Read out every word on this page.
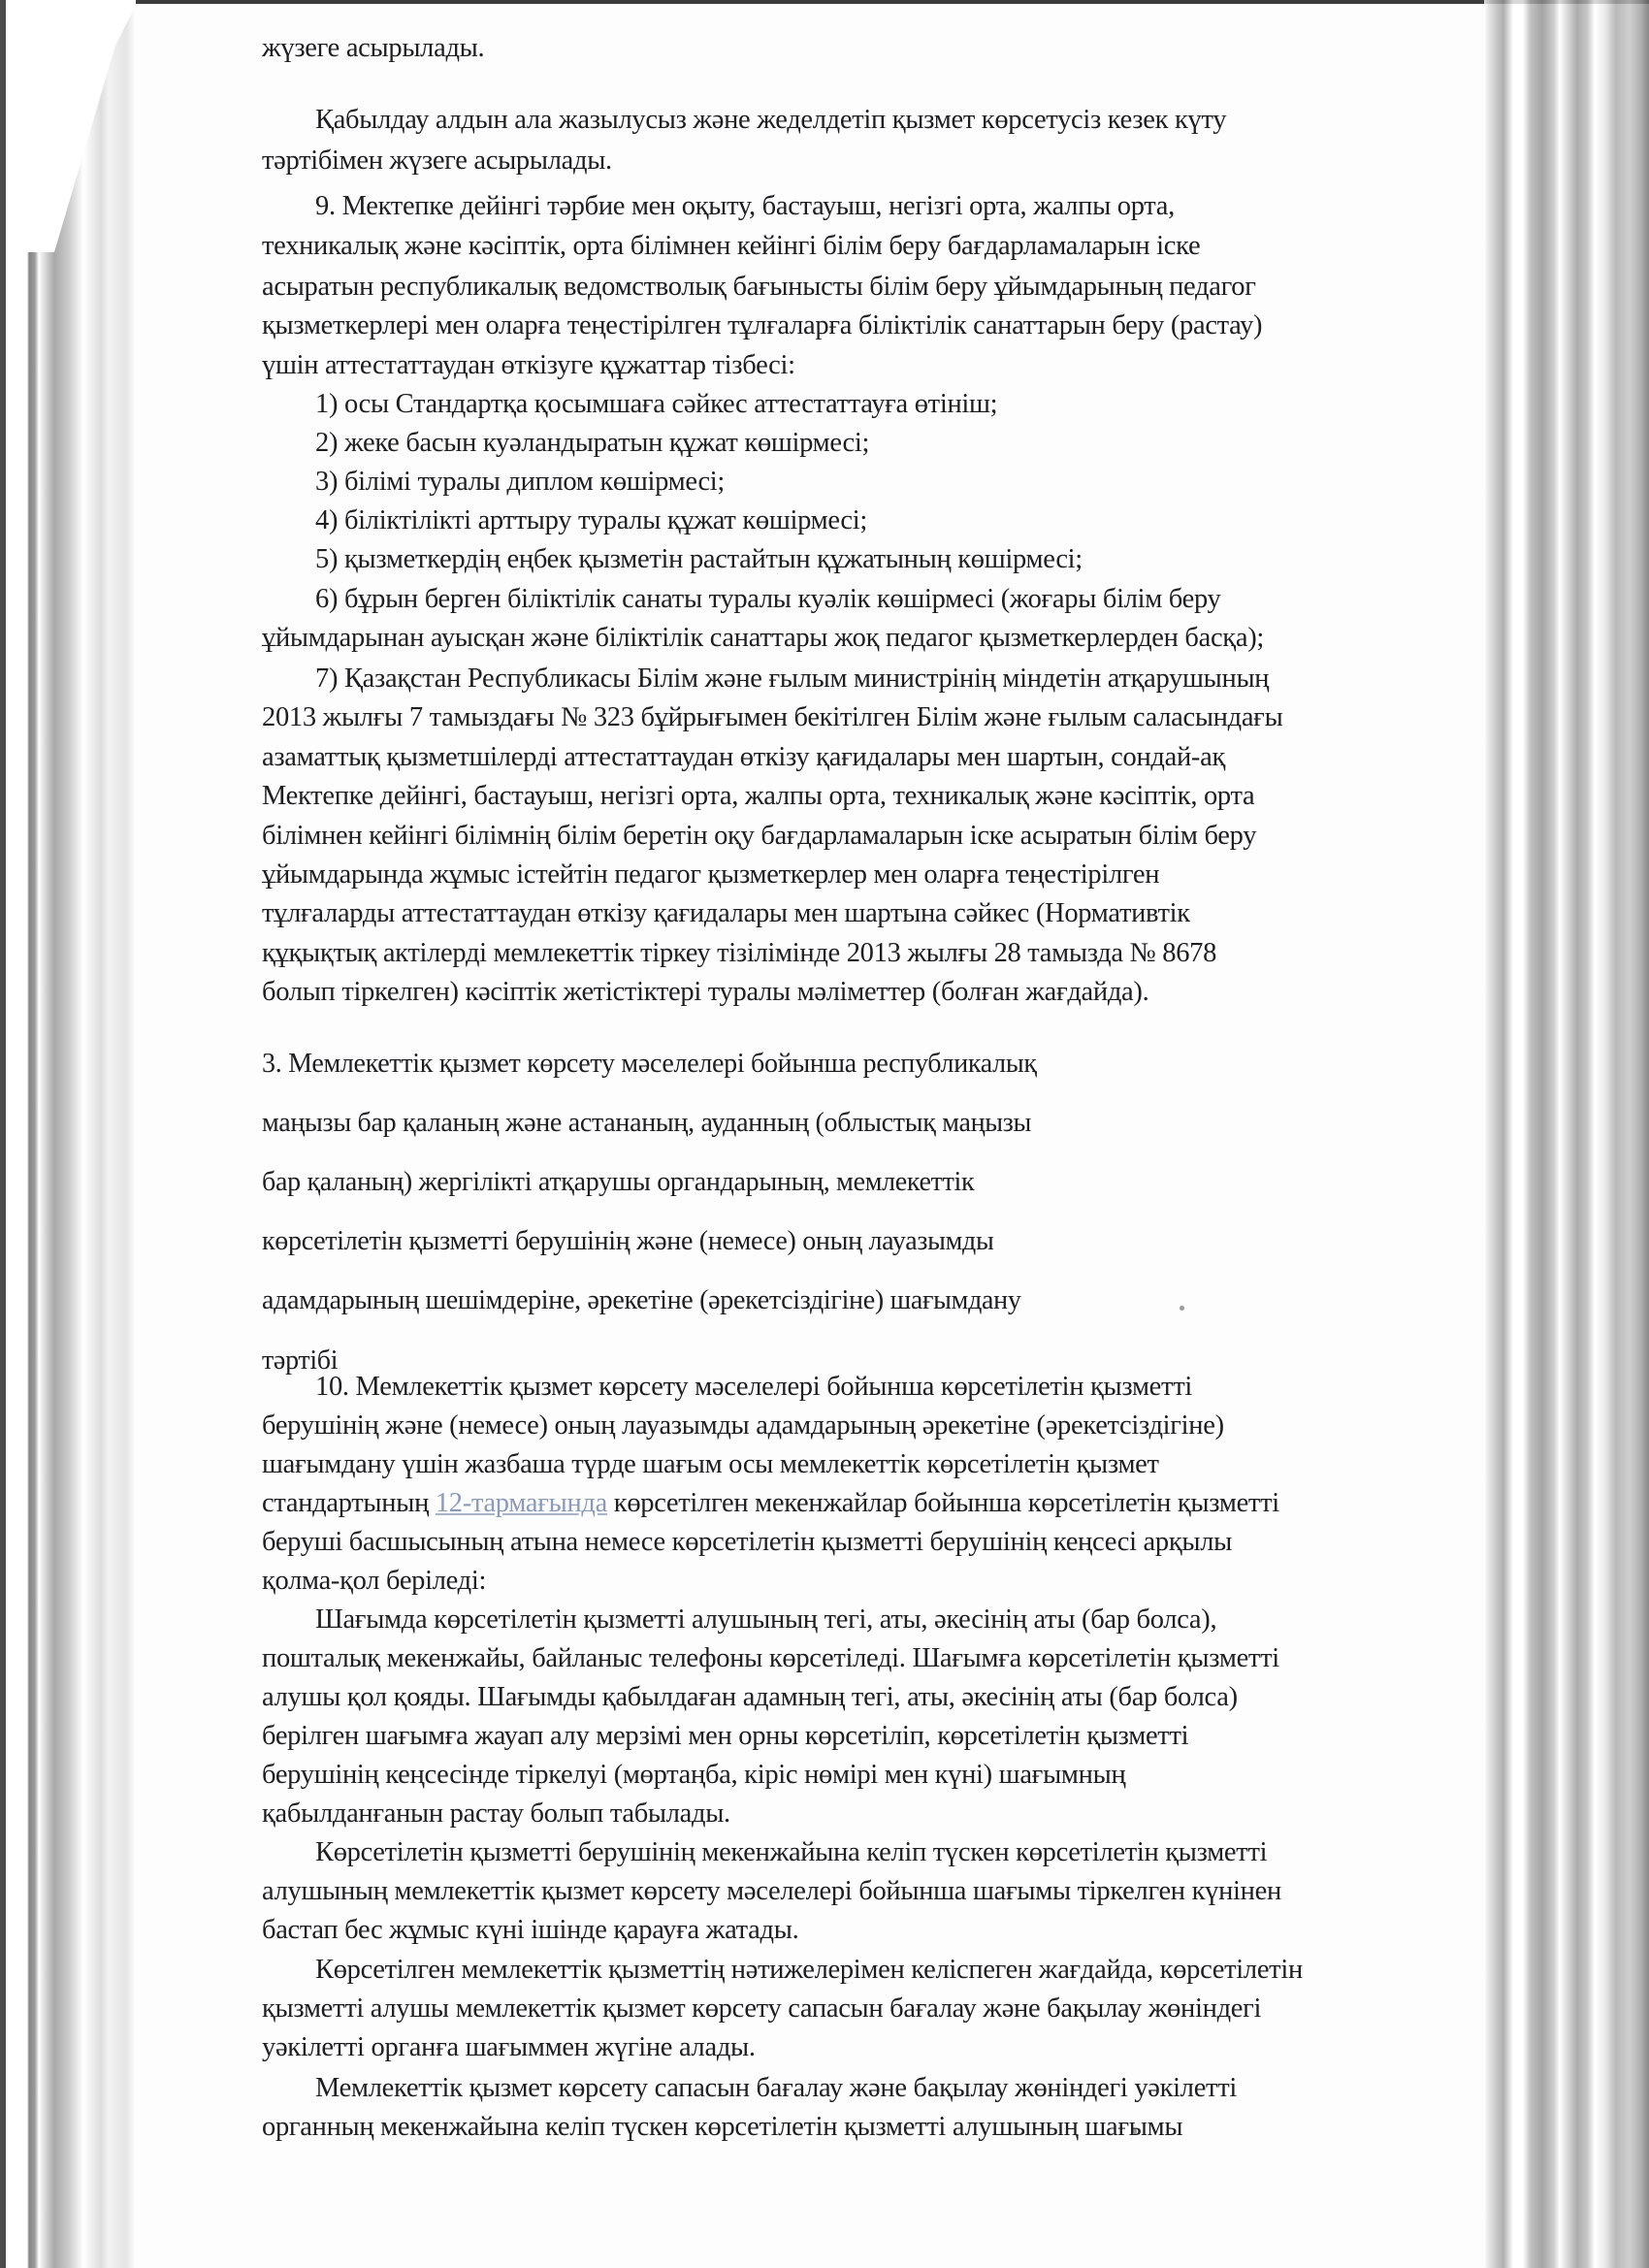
жүзеге асырылады.
Қабылдау алдын ала жазылусыз және жеделдетіп қызмет көрсетусіз кезек күту
тәртібімен жүзеге асырылады.
9. Мектепке дейінгі тәрбие мен оқыту, бастауыш, негізгі орта, жалпы орта,
техникалық және кәсіптік, орта білімнен кейінгі білім беру бағдарламаларын іске
асыратын республикалық ведомстволық бағынысты білім беру ұйымдарының педагог
қызметкерлері мен оларға теңестірілген тұлғаларға біліктілік санаттарын беру (растау)
үшін аттестаттаудан өткізуге құжаттар тізбесі:
1) осы Стандартқа қосымшаға сәйкес аттестаттауға өтініш;
2) жеке басын куәландыратын құжат көшірмесі;
3) білімі туралы диплом көшірмесі;
4) біліктілікті арттыру туралы құжат көшірмесі;
5) қызметкердің еңбек қызметін растайтын құжатының көшірмесі;
6) бұрын берген біліктілік санаты туралы куәлік көшірмесі (жоғары білім беру
ұйымдарынан ауысқан және біліктілік санаттары жоқ педагог қызметкерлерден басқа);
7) Қазақстан Республикасы Білім және ғылым министрінің міндетін атқарушының
2013 жылғы 7 тамыздағы № 323 бұйрығымен бекітілген Білім және ғылым саласындағы
азаматтық қызметшілерді аттестаттаудан өткізу қағидалары мен шартын, сондай-ақ
Мектепке дейінгі, бастауыш, негізгі орта, жалпы орта, техникалық және кәсіптік, орта
білімнен кейінгі білімнің білім беретін оқу бағдарламаларын іске асыратын білім беру
ұйымдарында жұмыс істейтін педагог қызметкерлер мен оларға теңестірілген
тұлғаларды аттестаттаудан өткізу қағидалары мен шартына сәйкес (Нормативтік
құқықтық актілерді мемлекеттік тіркеу тізілімінде 2013 жылғы 28 тамызда № 8678
болып тіркелген) кәсіптік жетістіктері туралы мәліметтер (болған жағдайда).
3. Мемлекеттік қызмет көрсету мәселелері бойынша республикалық
маңызы бар қаланың және астананың, ауданның (облыстық маңызы
бар қаланың) жергілікті атқарушы органдарының, мемлекеттік
көрсетілетін қызметті берушінің және (немесе) оның лауазымды
адамдарының шешімдеріне, әрекетіне (әрекетсіздігіне) шағымдану
тәртібі
10. Мемлекеттік қызмет көрсету мәселелері бойынша көрсетілетін қызметті
берушінің және (немесе) оның лауазымды адамдарының әрекетіне (әрекетсіздігіне)
шағымдану үшін жазбаша түрде шағым осы мемлекеттік көрсетілетін қызмет
стандартының 12-тармағында көрсетілген мекенжайлар бойынша көрсетілетін қызметті
беруші басшысының атына немесе көрсетілетін қызметті берушінің кеңсесі арқылы
қолма-қол беріледі:
Шағымда көрсетілетін қызметті алушының тегі, аты, әкесінің аты (бар болса),
пошталық мекенжайы, байланыс телефоны көрсетіледі. Шағымға көрсетілетін қызметті
алушы қол қояды. Шағымды қабылдаған адамның тегі, аты, әкесінің аты (бар болса)
берілген шағымға жауап алу мерзімі мен орны көрсетіліп, көрсетілетін қызметті
берушінің кеңсесінде тіркелуі (мөртаңба, кіріс нөмірі мен күні) шағымның
қабылданғанын растау болып табылады.
Көрсетілетін қызметті берушінің мекенжайына келіп түскен көрсетілетін қызметті
алушының мемлекеттік қызмет көрсету мәселелері бойынша шағымы тіркелген күнінен
бастап бес жұмыс күні ішінде қарауға жатады.
Көрсетілген мемлекеттік қызметтің нәтижелерімен келіспеген жағдайда, көрсетілетін
қызметті алушы мемлекеттік қызмет көрсету сапасын бағалау және бақылау жөніндегі
уәкілетті органға шағыммен жүгіне алады.
Мемлекеттік қызмет көрсету сапасын бағалау және бақылау жөніндегі уәкілетті
органның мекенжайына келіп түскен көрсетілетін қызметті алушының шағымы
